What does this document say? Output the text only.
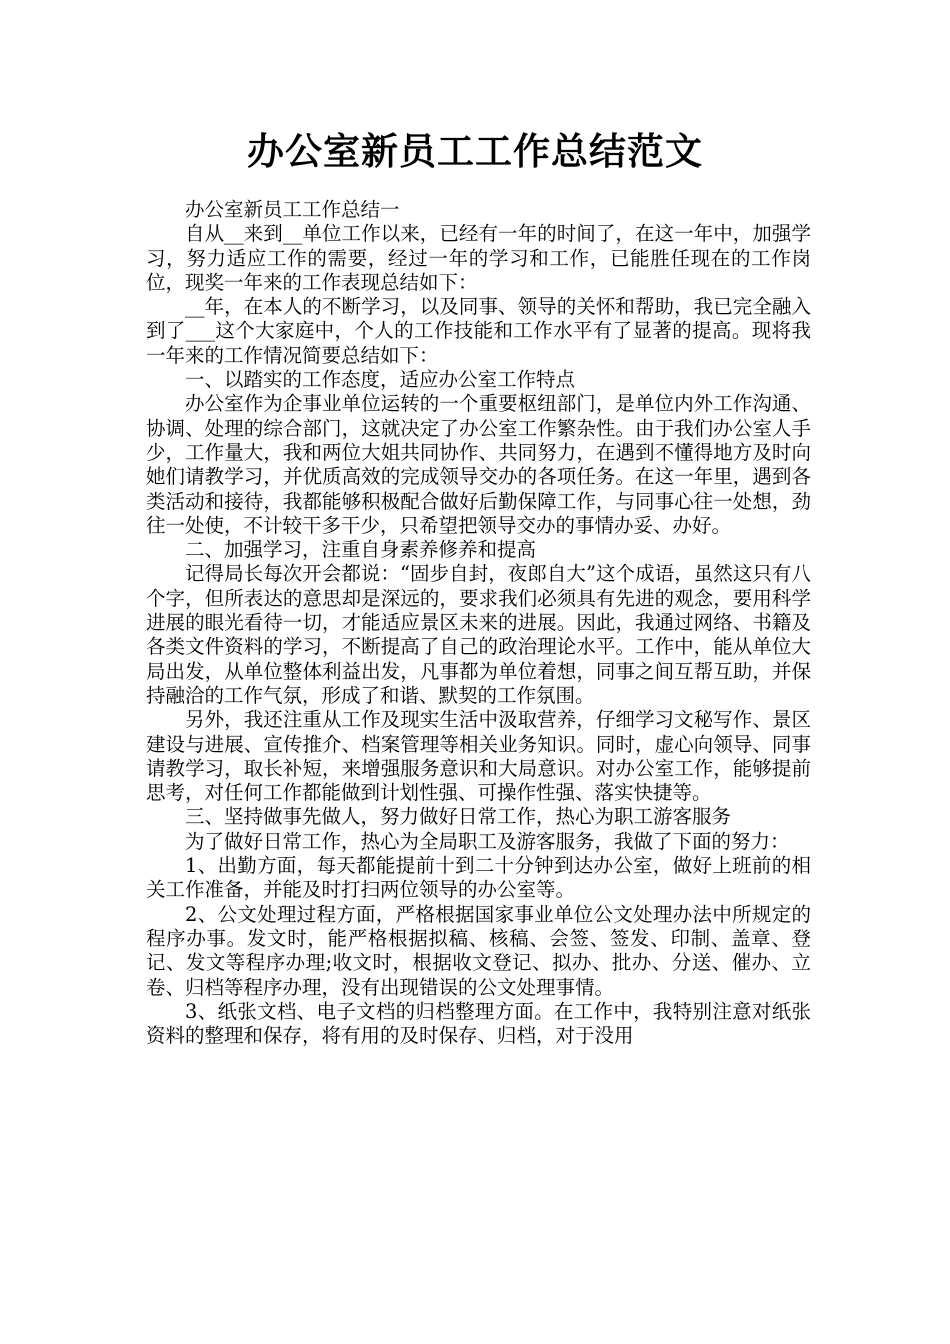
办公室新员工工作总结范文

办公室新员工工作总结一

自从__来到__单位工作以来，已经有一年的时间了，在这一年中，加强学习，努力适应工作的需要，经过一年的学习和工作，已能胜任现在的工作岗位，现奖一年来的工作表现总结如下：

__年，在本人的不断学习，以及同事、领导的关怀和帮助，我已完全融入到了___这个大家庭中，个人的工作技能和工作水平有了显著的提高。现将我一年来的工作情况简要总结如下：

一、以踏实的工作态度，适应办公室工作特点

办公室作为企事业单位运转的一个重要枢纽部门，是单位内外工作沟通、协调、处理的综合部门，这就决定了办公室工作繁杂性。由于我们办公室人手少，工作量大，我和两位大姐共同协作、共同努力，在遇到不懂得地方及时向她们请教学习，并优质高效的完成领导交办的各项任务。在这一年里，遇到各类活动和接待，我都能够积极配合做好后勤保障工作，与同事心往一处想，劲往一处使，不计较干多干少，只希望把领导交办的事情办妥、办好。

二、加强学习，注重自身素养修养和提高

记得局长每次开会都说：“固步自封，夜郎自大”这个成语，虽然这只有八个字，但所表达的意思却是深远的，要求我们必须具有先进的观念，要用科学进展的眼光看待一切，才能适应景区未来的进展。因此，我通过网络、书籍及各类文件资料的学习，不断提高了自己的政治理论水平。工作中，能从单位大局出发，从单位整体利益出发，凡事都为单位着想，同事之间互帮互助，并保持融洽的工作气氛，形成了和谐、默契的工作氛围。

另外，我还注重从工作及现实生活中汲取营养，仔细学习文秘写作、景区建设与进展、宣传推介、档案管理等相关业务知识。同时，虚心向领导、同事请教学习，取长补短，来增强服务意识和大局意识。对办公室工作，能够提前思考，对任何工作都能做到计划性强、可操作性强、落实快捷等。

三、坚持做事先做人，努力做好日常工作，热心为职工游客服务

为了做好日常工作，热心为全局职工及游客服务，我做了下面的努力：

1、出勤方面，每天都能提前十到二十分钟到达办公室，做好上班前的相关工作准备，并能及时打扫两位领导的办公室等。

2、公文处理过程方面，严格根据国家事业单位公文处理办法中所规定的程序办事。发文时，能严格根据拟稿、核稿、会签、签发、印制、盖章、登记、发文等程序办理;收文时，根据收文登记、拟办、批办、分送、催办、立卷、归档等程序办理，没有出现错误的公文处理事情。

3、纸张文档、电子文档的归档整理方面。在工作中，我特别注意对纸张资料的整理和保存，将有用的及时保存、归档，对于没用
